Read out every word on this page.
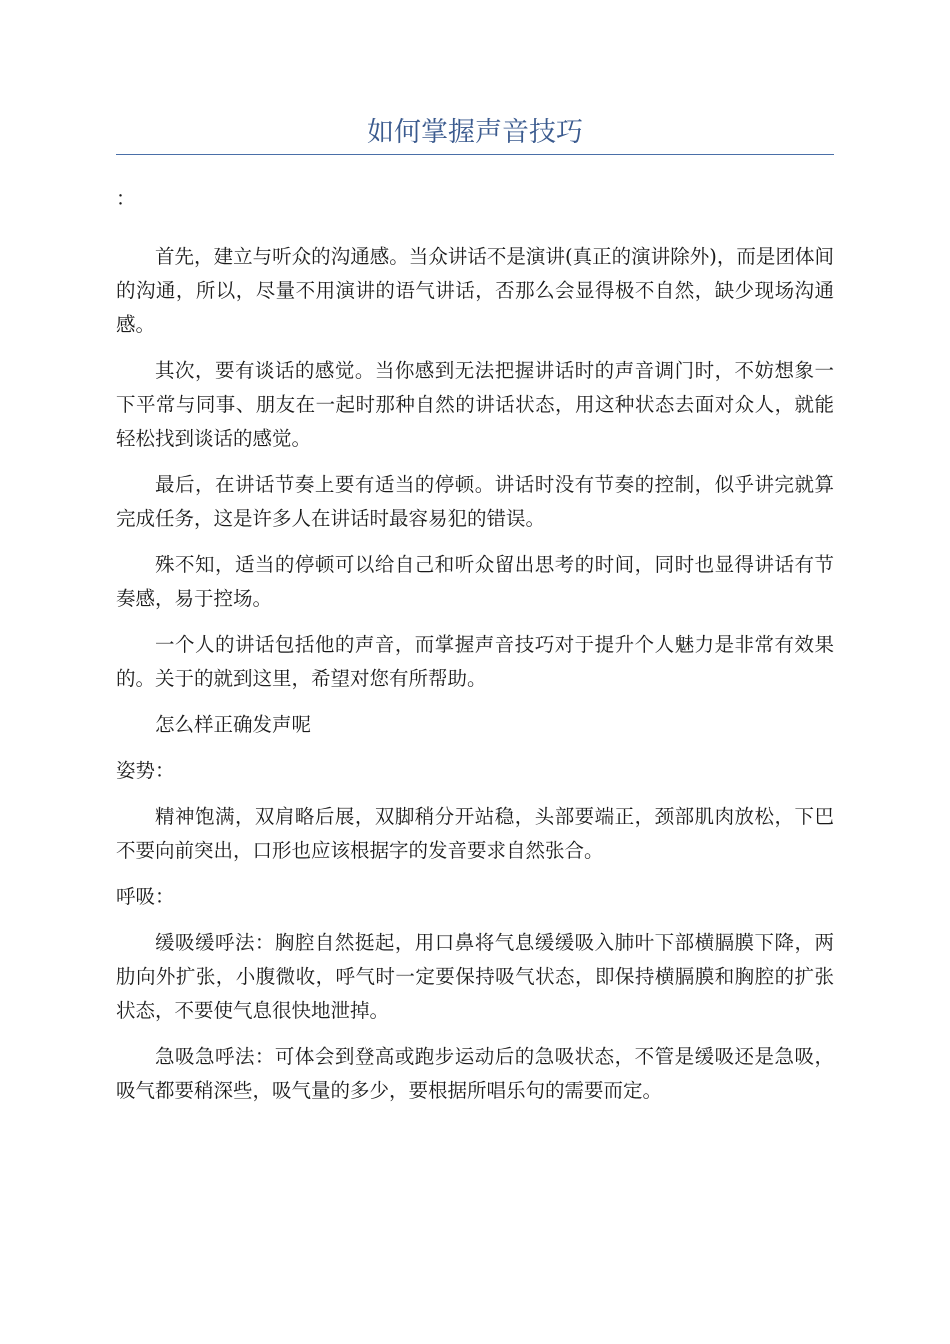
如何掌握声音技巧

：

首先，建立与听众的沟通感。当众讲话不是演讲(真正的演讲除外)，而是团体间的沟通，所以，尽量不用演讲的语气讲话，否那么会显得极不自然，缺少现场沟通感。

其次，要有谈话的感觉。当你感到无法把握讲话时的声音调门时，不妨想象一下平常与同事、朋友在一起时那种自然的讲话状态，用这种状态去面对众人，就能轻松找到谈话的感觉。

最后，在讲话节奏上要有适当的停顿。讲话时没有节奏的控制，似乎讲完就算完成任务，这是许多人在讲话时最容易犯的错误。

殊不知，适当的停顿可以给自己和听众留出思考的时间，同时也显得讲话有节奏感，易于控场。

一个人的讲话包括他的声音，而掌握声音技巧对于提升个人魅力是非常有效果的。关于的就到这里，希望对您有所帮助。

怎么样正确发声呢

姿势：

精神饱满，双肩略后展，双脚稍分开站稳，头部要端正，颈部肌肉放松，下巴不要向前突出，口形也应该根据字的发音要求自然张合。

呼吸：

缓吸缓呼法：胸腔自然挺起，用口鼻将气息缓缓吸入肺叶下部横膈膜下降，两肋向外扩张，小腹微收，呼气时一定要保持吸气状态，即保持横膈膜和胸腔的扩张状态，不要使气息很快地泄掉。

急吸急呼法：可体会到登高或跑步运动后的急吸状态，不管是缓吸还是急吸，吸气都要稍深些，吸气量的多少，要根据所唱乐句的需要而定。
